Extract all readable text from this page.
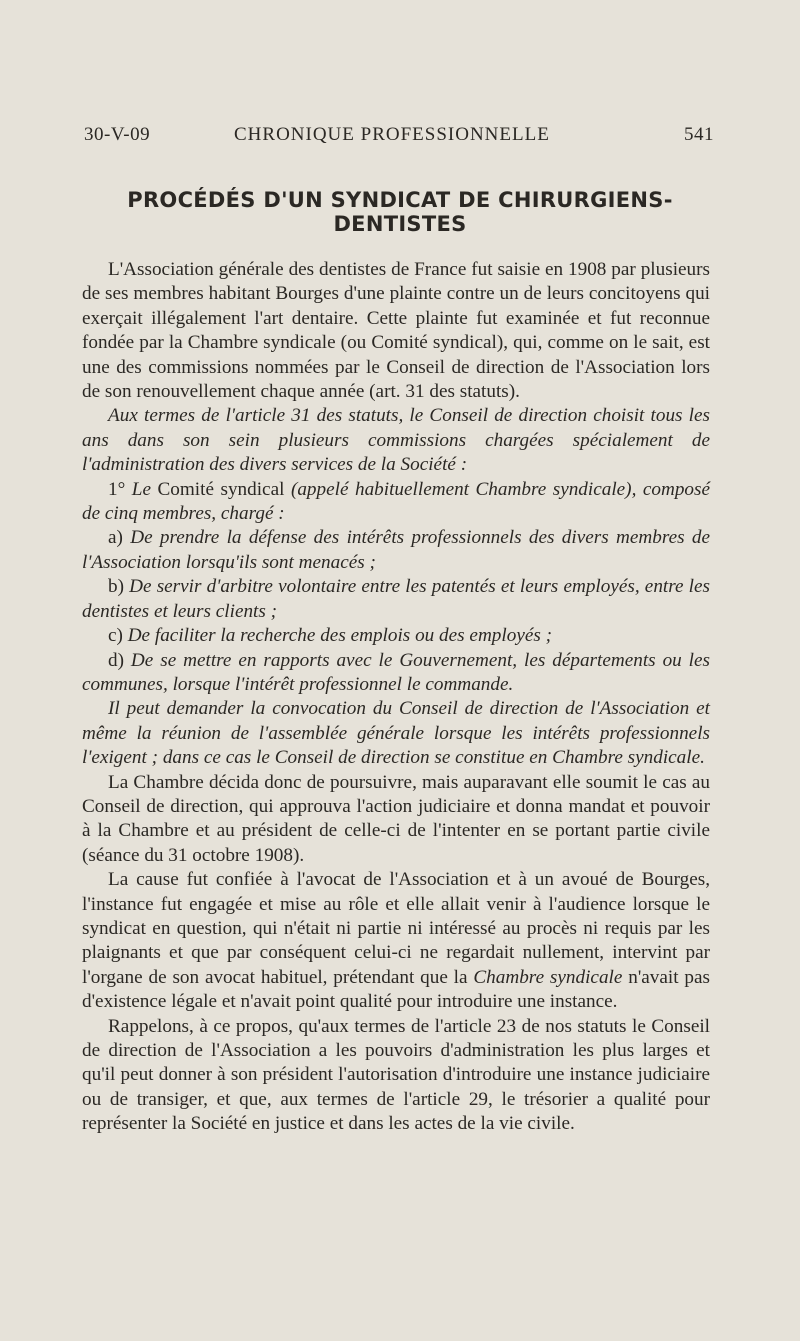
30-V-09	CHRONIQUE PROFESSIONNELLE	541
PROCÉDÉS D'UN SYNDICAT DE CHIRURGIENS-DENTISTES

L'Association générale des dentistes de France fut saisie en 1908 par plusieurs de ses membres habitant Bourges d'une plainte contre un de leurs concitoyens qui exerçait illégalement l'art dentaire. Cette plainte fut examinée et fut reconnue fondée par la Chambre syndicale (ou Comité syndical), qui, comme on le sait, est une des commissions nommées par le Conseil de direction de l'Association lors de son renouvellement chaque année (art. 31 des statuts).

Aux termes de l'article 31 des statuts, le Conseil de direction choisit tous les ans dans son sein plusieurs commissions chargées spécialement de l'administration des divers services de la Société :

1° Le Comité syndical (appelé habituellement Chambre syndicale), composé de cinq membres, chargé :

a) De prendre la défense des intérêts professionnels des divers membres de l'Association lorsqu'ils sont menacés ;

b) De servir d'arbitre volontaire entre les patentés et leurs employés, entre les dentistes et leurs clients ;

c) De faciliter la recherche des emplois ou des employés ;

d) De se mettre en rapports avec le Gouvernement, les départements ou les communes, lorsque l'intérêt professionnel le commande.

Il peut demander la convocation du Conseil de direction de l'Association et même la réunion de l'assemblée générale lorsque les intérêts professionnels l'exigent ; dans ce cas le Conseil de direction se constitue en Chambre syndicale.

La Chambre décida donc de poursuivre, mais auparavant elle soumit le cas au Conseil de direction, qui approuva l'action judiciaire et donna mandat et pouvoir à la Chambre et au président de celle-ci de l'intenter en se portant partie civile (séance du 31 octobre 1908).

La cause fut confiée à l'avocat de l'Association et à un avoué de Bourges, l'instance fut engagée et mise au rôle et elle allait venir à l'audience lorsque le syndicat en question, qui n'était ni partie ni intéressé au procès ni requis par les plaignants et que par conséquent celui-ci ne regardait nullement, intervint par l'organe de son avocat habituel, prétendant que la Chambre syndicale n'avait pas d'existence légale et n'avait point qualité pour introduire une instance.

Rappelons, à ce propos, qu'aux termes de l'article 23 de nos statuts le Conseil de direction de l'Association a les pouvoirs d'administration les plus larges et qu'il peut donner à son président l'autorisation d'introduire une instance judiciaire ou de transiger, et que, aux termes de l'article 29, le trésorier a qualité pour représenter la Société en justice et dans les actes de la vie civile.
